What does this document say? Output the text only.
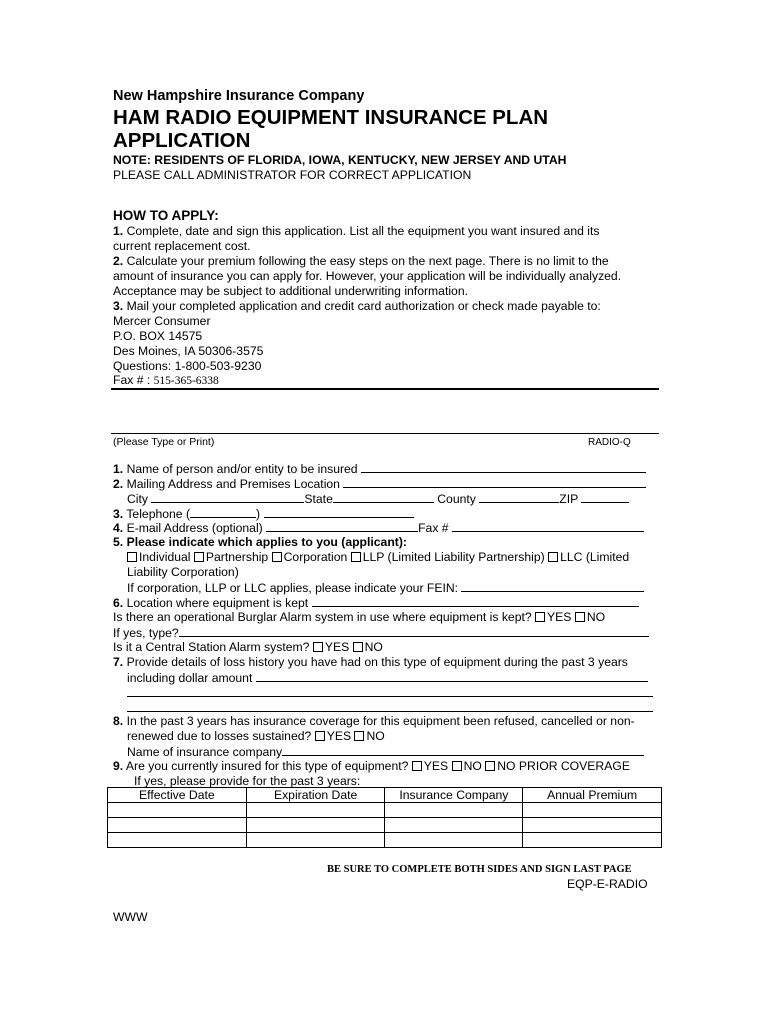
New Hampshire Insurance Company
HAM RADIO EQUIPMENT INSURANCE PLAN
APPLICATION
NOTE: RESIDENTS OF FLORIDA, IOWA, KENTUCKY, NEW JERSEY AND UTAH
PLEASE CALL ADMINISTRATOR FOR CORRECT APPLICATION
HOW TO APPLY:
1. Complete, date and sign this application. List all the equipment you want insured and its
current replacement cost.
2. Calculate your premium following the easy steps on the next page. There is no limit to the
amount of insurance you can apply for. However, your application will be individually analyzed.
Acceptance may be subject to additional underwriting information.
3. Mail your completed application and credit card authorization or check made payable to:
Mercer Consumer
P.O. BOX 14575
Des Moines, IA 50306-3575
Questions: 1-800-503-9230
Fax # : 515-365-6338
(Please Type or Print)	RADIO-Q
1. Name of person and/or entity to be insured
2. Mailing Address and Premises Location
City	State	County	ZIP
3. Telephone (	)
4. E-mail Address (optional)	Fax #
5. Please indicate which applies to you (applicant):
Individual Partnership Corporation LLP (Limited Liability Partnership) LLC (Limited
Liability Corporation)
If corporation, LLP or LLC applies, please indicate your FEIN:
6. Location where equipment is kept
Is there an operational Burglar Alarm system in use where equipment is kept? YES NO
If yes, type?
Is it a Central Station Alarm system? YES NO
7. Provide details of loss history you have had on this type of equipment during the past 3 years
including dollar amount
8. In the past 3 years has insurance coverage for this equipment been refused, cancelled or non-
renewed due to losses sustained? YES NO
Name of insurance company
9. Are you currently insured for this type of equipment? YES NO NO PRIOR COVERAGE
If yes, please provide for the past 3 years:
Effective Date	Expiration Date	Insurance Company	Annual Premium

BE SURE TO COMPLETE BOTH SIDES AND SIGN LAST PAGE
EQP-E-RADIO
WWW
